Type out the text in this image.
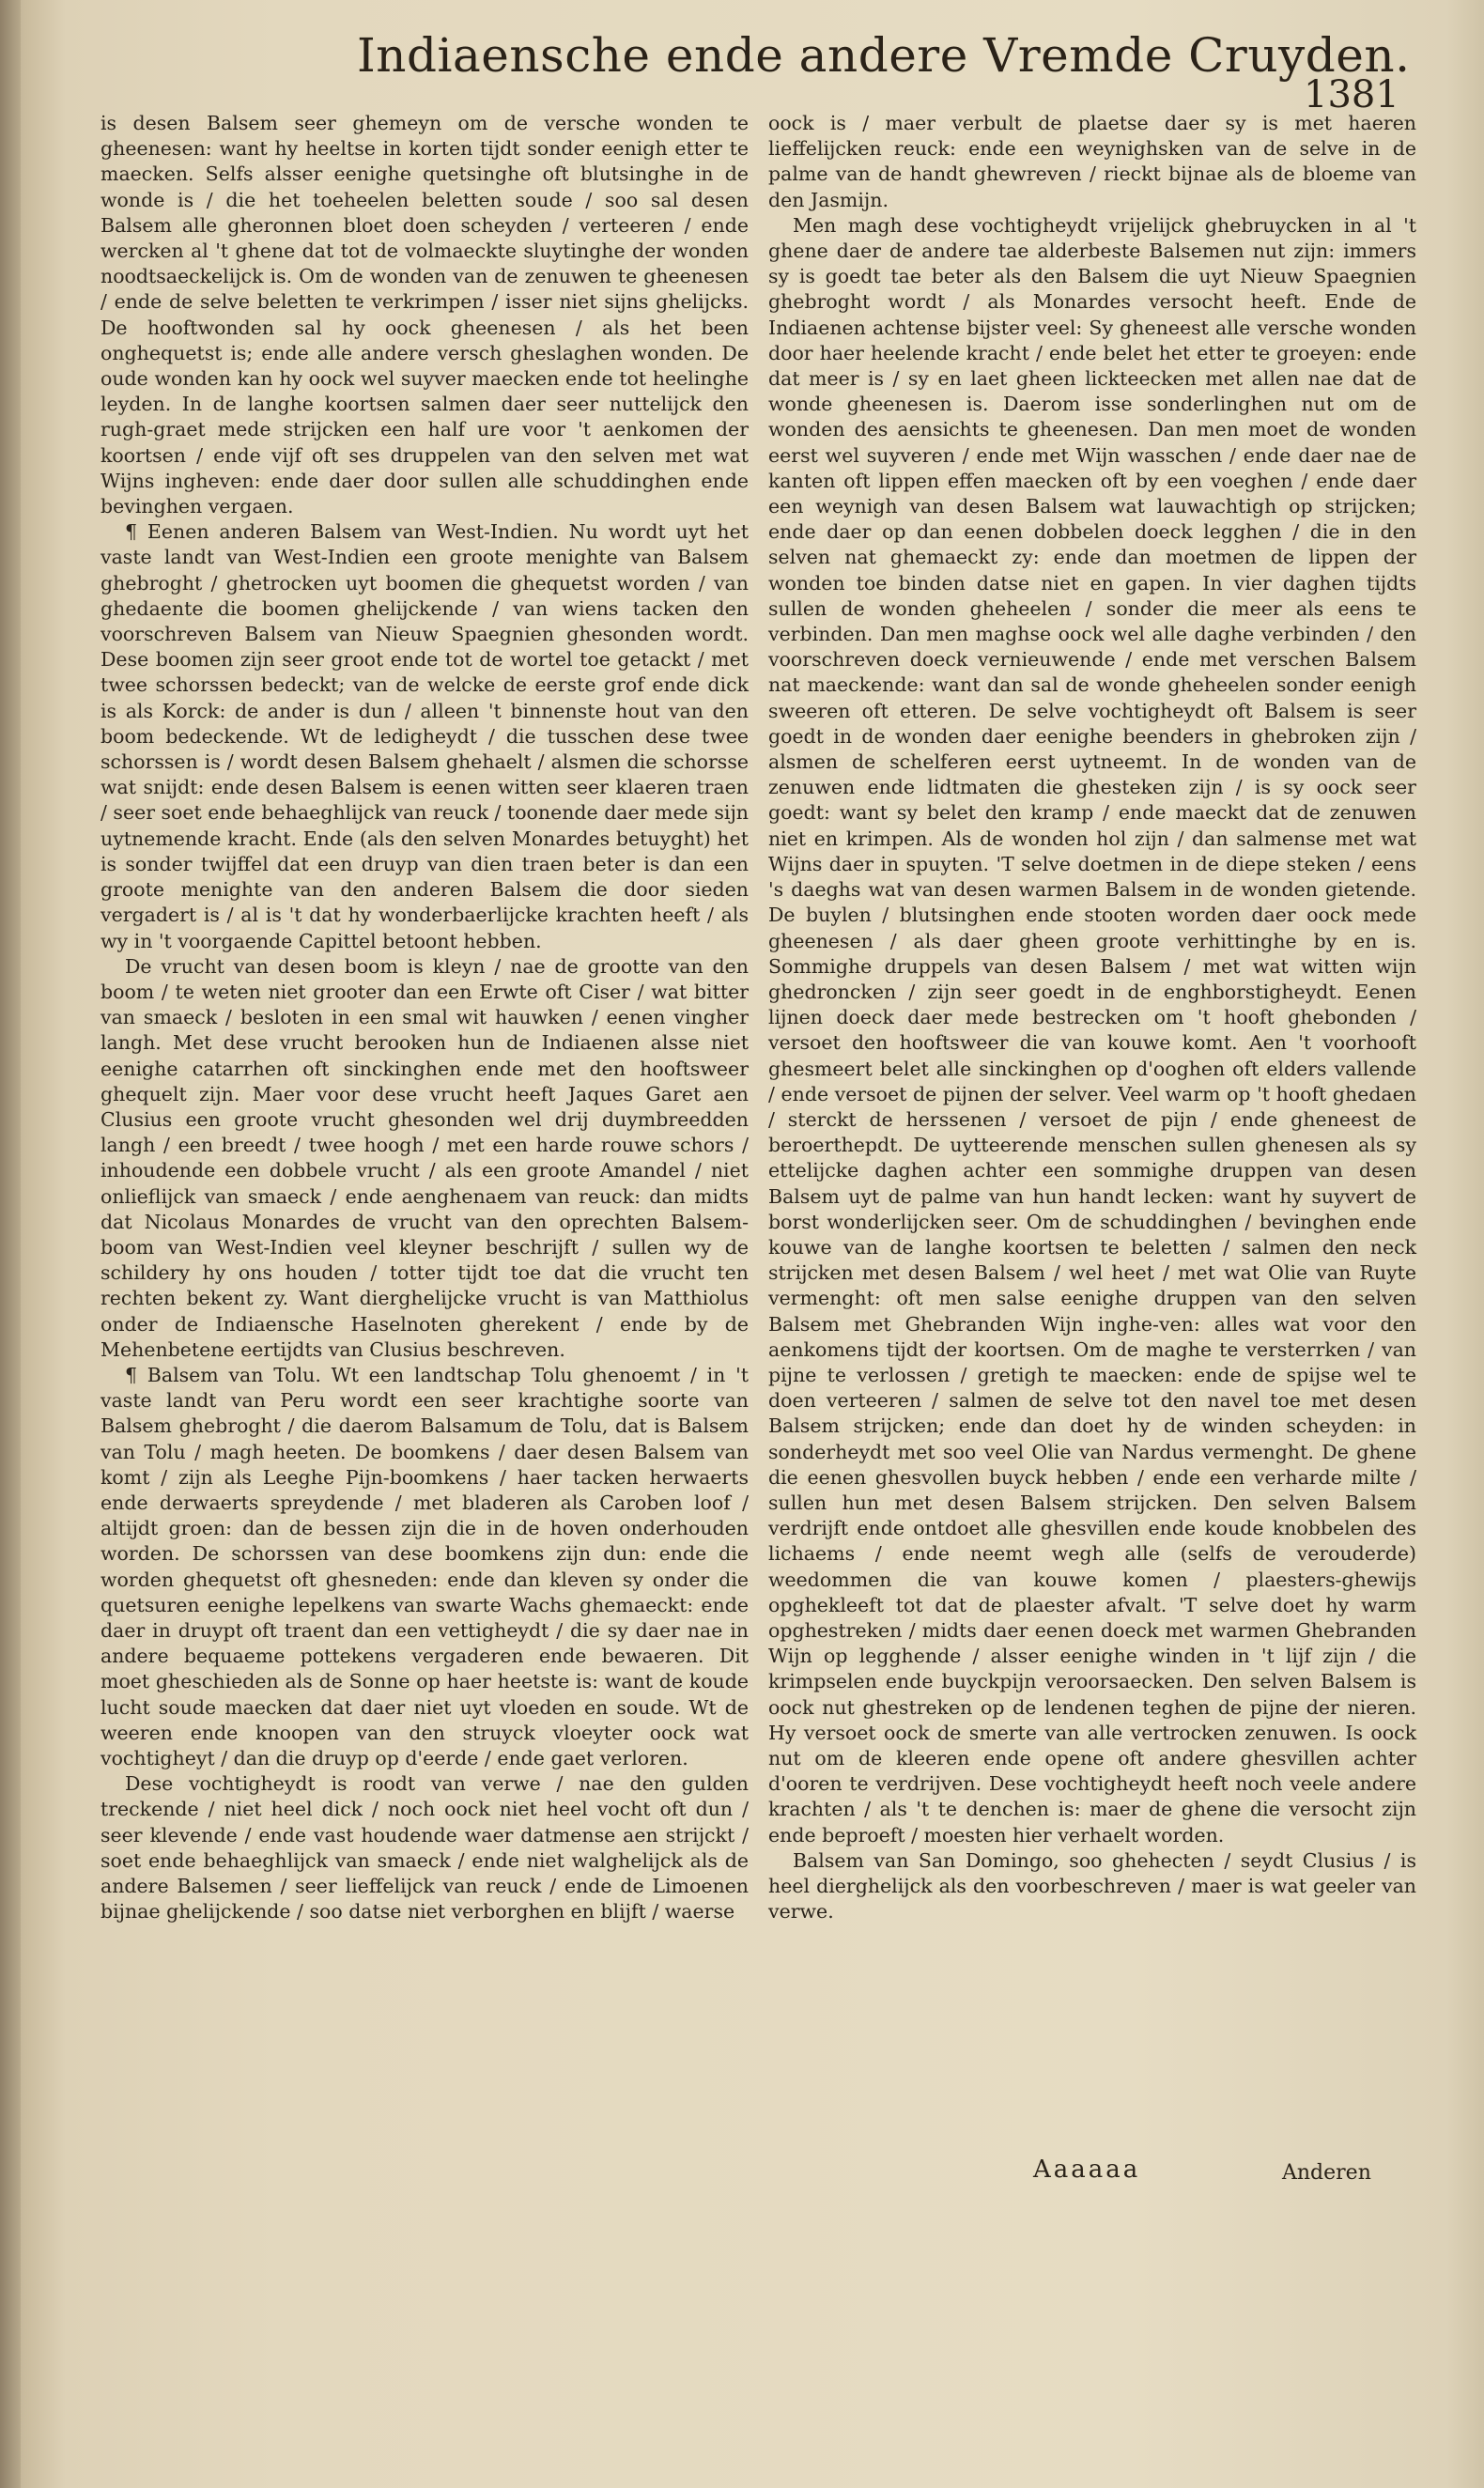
Indiaensche ende andere Vremde Cruyden.
1381

is desen Balsem seer ghemeyn om de versche wonden te gheenesen: want hy heeltse in korten tijdt sonder eenigh etter te maecken. Selfs alsser eenighe quetsinghe oft blutsinghe in de wonde is / die het toeheelen beletten soude / soo sal desen Balsem alle gheronnen bloet doen scheyden / verteeren / ende wercken al 't ghene dat tot de volmaeckte sluytinghe der wonden noodtsaeckelijck is. Om de wonden van de zenuwen te gheenesen / ende de selve beletten te verkrimpen / isser niet sijns ghelijcks. De hooftwonden sal hy oock gheenesen / als het been onghequetst is; ende alle andere versch gheslaghen wonden. De oude wonden kan hy oock wel suyver maecken ende tot heelinghe leyden. In de langhe koortsen salmen daer seer nuttelijck den rugh-graet mede strijcken een half ure voor 't aenkomen der koortsen / ende vijf oft ses druppelen van den selven met wat Wijns ingheven: ende daer door sullen alle schuddinghen ende bevinghen vergaen.

¶ Eenen anderen Balsem van West-Indien. Nu wordt uyt het vaste landt van West-Indien een groote menighte van Balsem ghebroght / ghetrocken uyt boomen die ghequetst worden / van ghedaente die boomen ghelijckende / van wiens tacken den voorschreven Balsem van Nieuw Spaegnien ghesonden wordt. Dese boomen zijn seer groot ende tot de wortel toe getackt / met twee schorssen bedeckt; van de welcke de eerste grof ende dick is als Korck: de ander is dun / alleen 't binnenste hout van den boom bedeckende. Wt de ledigheydt / die tusschen dese twee schorssen is / wordt desen Balsem ghehaelt / alsmen die schorsse wat snijdt: ende desen Balsem is eenen witten seer klaeren traen / seer soet ende behaeghlijck van reuck / toonende daer mede sijn uytnemende kracht. Ende (als den selven Monardes betuyght) het is sonder twijffel dat een druyp van dien traen beter is dan een groote menighte van den anderen Balsem die door sieden vergadert is / al is 't dat hy wonderbaerlijcke krachten heeft / als wy in 't voorgaende Capittel betoont hebben.

De vrucht van desen boom is kleyn / nae de grootte van den boom / te weten niet grooter dan een Erwte oft Ciser / wat bitter van smaeck / besloten in een smal wit hauwken / eenen vingher langh. Met dese vrucht berooken hun de Indiaenen alsse niet eenighe catarrhen oft sinckinghen ende met den hooftsweer ghequelt zijn. Maer voor dese vrucht heeft Jaques Garet aen Clusius een groote vrucht ghesonden wel drij duymbreedden langh / een breedt / twee hoogh / met een harde rouwe schors / inhoudende een dobbele vrucht / als een groote Amandel / niet onlieflijck van smaeck / ende aenghenaem van reuck: dan midts dat Nicolaus Monardes de vrucht van den oprechten Balsem-boom van West-Indien veel kleyner beschrijft / sullen wy de schildery hy ons houden / totter tijdt toe dat die vrucht ten rechten bekent zy. Want dierghelijcke vrucht is van Matthiolus onder de Indiaensche Haselnoten gherekent / ende by de Mehenbetene eertijdts van Clusius beschreven.

¶ Balsem van Tolu. Wt een landtschap Tolu ghenoemt / in 't vaste landt van Peru wordt een seer krachtighe soorte van Balsem ghebroght / die daerom Balsamum de Tolu, dat is Balsem van Tolu / magh heeten. De boomkens / daer desen Balsem van komt / zijn als Leeghe Pijn-boomkens / haer tacken herwaerts ende derwaerts spreydende / met bladeren als Caroben loof / altijdt groen: dan de bessen zijn die in de hoven onderhouden worden. De schorssen van dese boomkens zijn dun: ende die worden ghequetst oft ghesneden: ende dan kleven sy onder die quetsuren eenighe lepelkens van swarte Wachs ghemaeckt: ende daer in druypt oft traent dan een vettigheydt / die sy daer nae in andere bequaeme pottekens vergaderen ende bewaeren. Dit moet gheschieden als de Sonne op haer heetste is: want de koude lucht soude maecken dat daer niet uyt vloeden en soude. Wt de weeren ende knoopen van den struyck vloeyter oock wat vochtigheyt / dan die druyp op d'eerde / ende gaet verloren.

Dese vochtigheydt is roodt van verwe / nae den gulden treckende / niet heel dick / noch oock niet heel vocht oft dun / seer klevende / ende vast houdende waer datmense aen strijckt / soet ende behaeghlijck van smaeck / ende niet walghelijck als de andere Balsemen / seer lieffelijck van reuck / ende de Limoenen bijnae ghelijckende / soo datse niet verborghen en blijft / waerse

oock is / maer verbult de plaetse daer sy is met haeren lieffelijcken reuck: ende een weynighsken van de selve in de palme van de handt ghewreven / rieckt bijnae als de bloeme van den Jasmijn.

Men magh dese vochtigheydt vrijelijck ghebruycken in al 't ghene daer de andere tae alderbeste Balsemen nut zijn: immers sy is goedt tae beter als den Balsem die uyt Nieuw Spaegnien ghebroght wordt / als Monardes versocht heeft. Ende de Indiaenen achtense bijster veel: Sy gheneest alle versche wonden door haer heelende kracht / ende belet het etter te groeyen: ende dat meer is / sy en laet gheen lickteecken met allen nae dat de wonde gheenesen is. Daerom isse sonderlinghen nut om de wonden des aensichts te gheenesen. Dan men moet de wonden eerst wel suyveren / ende met Wijn wasschen / ende daer nae de kanten oft lippen effen maecken oft by een voeghen / ende daer een weynigh van desen Balsem wat lauwachtigh op strijcken; ende daer op dan eenen dobbelen doeck legghen / die in den selven nat ghemaeckt zy: ende dan moetmen de lippen der wonden toe binden datse niet en gapen. In vier daghen tijdts sullen de wonden gheheelen / sonder die meer als eens te verbinden. Dan men maghse oock wel alle daghe verbinden / den voorschreven doeck vernieuwende / ende met verschen Balsem nat maeckende: want dan sal de wonde gheheelen sonder eenigh sweeren oft etteren. De selve vochtigheydt oft Balsem is seer goedt in de wonden daer eenighe beenders in ghebroken zijn / alsmen de schelferen eerst uytneemt. In de wonden van de zenuwen ende lidtmaten die ghesteken zijn / is sy oock seer goedt: want sy belet den kramp / ende maeckt dat de zenuwen niet en krimpen. Als de wonden hol zijn / dan salmense met wat Wijns daer in spuyten. 'T selve doetmen in de diepe steken / eens 's daeghs wat van desen warmen Balsem in de wonden gietende. De buylen / blutsinghen ende stooten worden daer oock mede gheenesen / als daer gheen groote verhittinghe by en is. Sommighe druppels van desen Balsem / met wat witten wijn ghedroncken / zijn seer goedt in de enghborstigheydt. Eenen lijnen doeck daer mede bestrecken om 't hooft ghebonden / versoet den hooftsweer die van kouwe komt. Aen 't voorhooft ghesmeert belet alle sinckinghen op d'ooghen oft elders vallende / ende versoet de pijnen der selver. Veel warm op 't hooft ghedaen / sterckt de herssenen / versoet de pijn / ende gheneest de beroerthepdt. De uytteerende menschen sullen ghenesen als sy ettelijcke daghen achter een sommighe druppen van desen Balsem uyt de palme van hun handt lecken: want hy suyvert de borst wonderlijcken seer. Om de schuddinghen / bevinghen ende kouwe van de langhe koortsen te beletten / salmen den neck strijcken met desen Balsem / wel heet / met wat Olie van Ruyte vermenght: oft men salse eenighe druppen van den selven Balsem met Ghebranden Wijn inghe-ven: alles wat voor den aenkomens tijdt der koortsen. Om de maghe te versterrken / van pijne te verlossen / gretigh te maecken: ende de spijse wel te doen verteeren / salmen de selve tot den navel toe met desen Balsem strijcken; ende dan doet hy de winden scheyden: in sonderheydt met soo veel Olie van Nardus vermenght. De ghene die eenen ghesvollen buyck hebben / ende een verharde milte / sullen hun met desen Balsem strijcken. Den selven Balsem verdrijft ende ontdoet alle ghesvillen ende koude knobbelen des lichaems / ende neemt wegh alle (selfs de verouderde) weedommen die van kouwe komen / plaesters-ghewijs opghekleeft tot dat de plaester afvalt. 'T selve doet hy warm opghestreken / midts daer eenen doeck met warmen Ghebranden Wijn op legghende / alsser eenighe winden in 't lijf zijn / die krimpselen ende buyckpijn veroorsaecken. Den selven Balsem is oock nut ghestreken op de lendenen teghen de pijne der nieren. Hy versoet oock de smerte van alle vertrocken zenuwen. Is oock nut om de kleeren ende opene oft andere ghesvillen achter d'ooren te verdrijven. Dese vochtigheydt heeft noch veele andere krachten / als 't te denchen is: maer de ghene die versocht zijn ende beproeft / moesten hier verhaelt worden.

Balsem van San Domingo, soo ghehecten / seydt Clusius / is heel dierghelijck als den voorbeschreven / maer is wat geeler van verwe.

Aaaaaa	Anderen
